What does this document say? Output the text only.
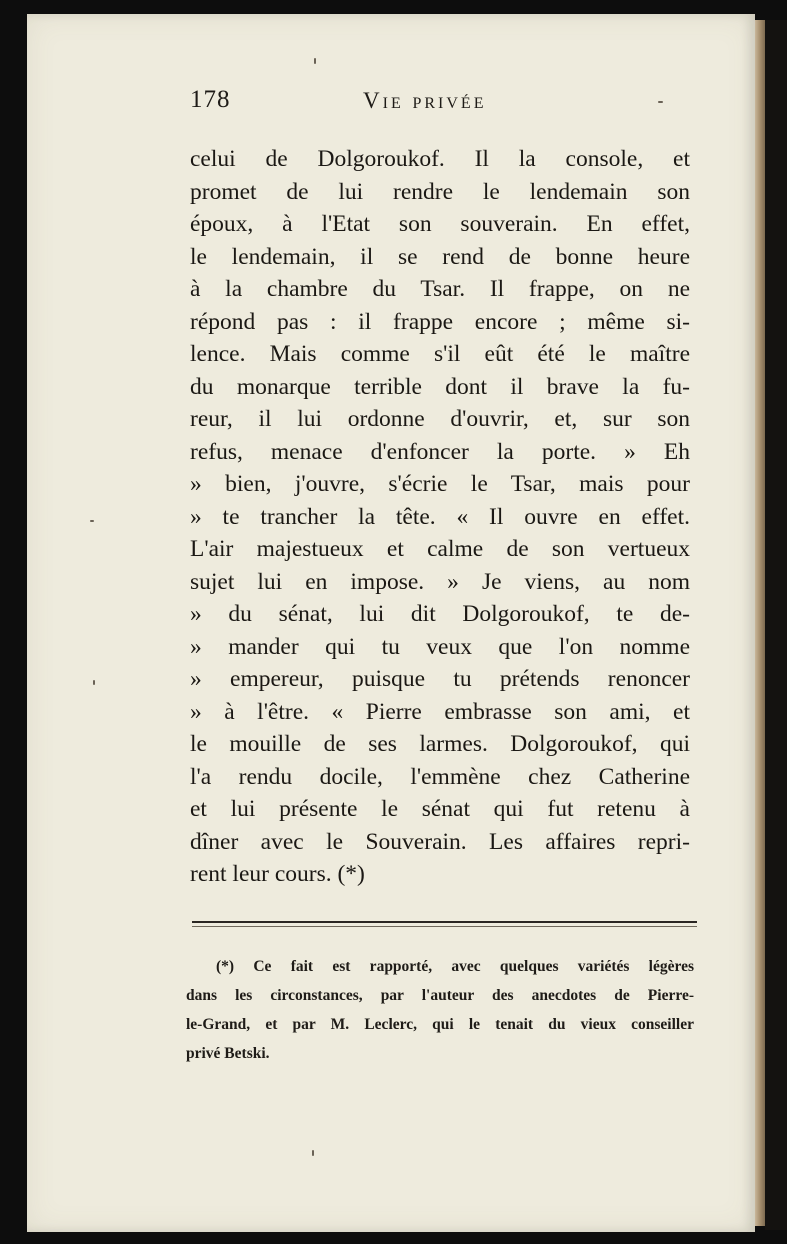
178	Vie privée
celui de Dolgoroukof. Il la console, et
promet de lui rendre le lendemain son
époux, à l'Etat son souverain. En effet,
le lendemain, il se rend de bonne heure
à la chambre du Tsar. Il frappe, on ne
répond pas : il frappe encore ; même si-
lence. Mais comme s'il eût été le maître
du monarque terrible dont il brave la fu-
reur, il lui ordonne d'ouvrir, et, sur son
refus, menace d'enfoncer la porte. » Eh
» bien, j'ouvre, s'écrie le Tsar, mais pour
» te trancher la tête. « Il ouvre en effet.
L'air majestueux et calme de son vertueux
sujet lui en impose. » Je viens, au nom
» du sénat, lui dit Dolgoroukof, te de-
» mander qui tu veux que l'on nomme
» empereur, puisque tu prétends renoncer
» à l'être. « Pierre embrasse son ami, et
le mouille de ses larmes. Dolgoroukof, qui
l'a rendu docile, l'emmène chez Catherine
et lui présente le sénat qui fut retenu à
dîner avec le Souverain. Les affaires repri-
rent leur cours. (*)
(*) Ce fait est rapporté, avec quelques variétés légères
dans les circonstances, par l'auteur des anecdotes de Pierre-
le-Grand, et par M. Leclerc, qui le tenait du vieux conseiller
privé Betski.
